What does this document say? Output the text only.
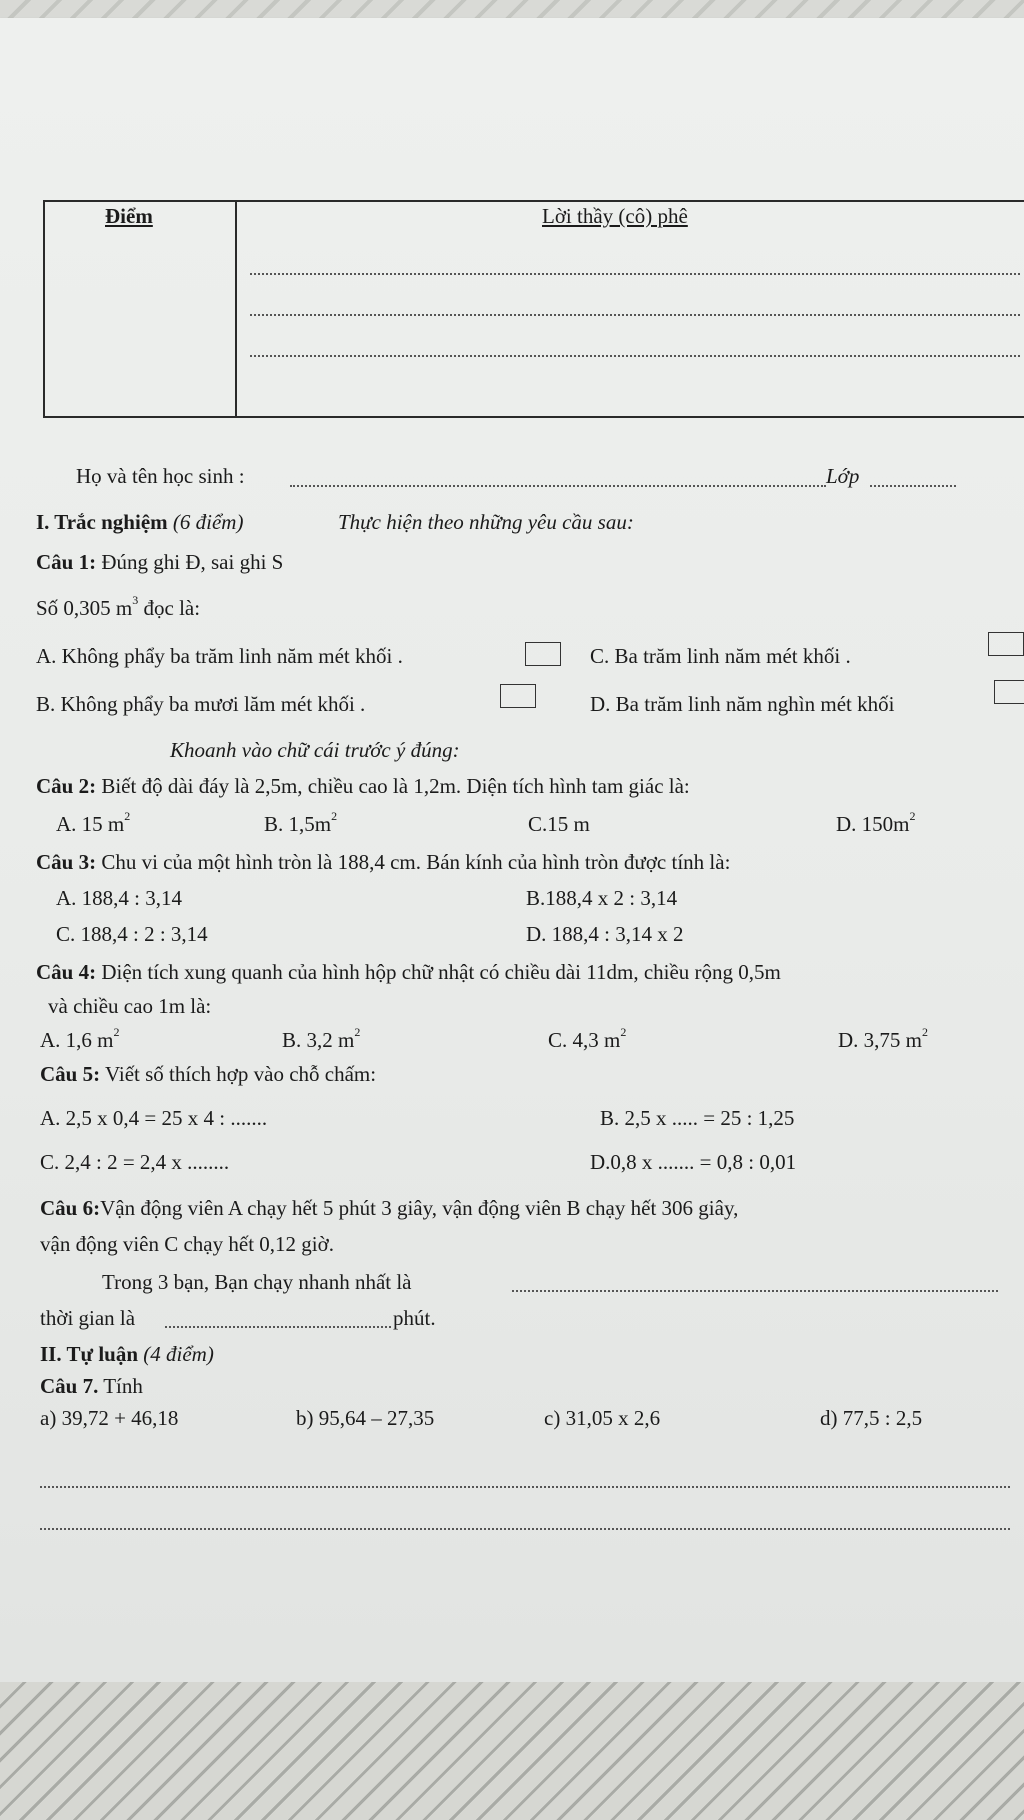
Điểm	Lời thầy (cô) phê
Họ và tên học sinh :	Lớp
I. Trắc nghiệm (6 điểm)	Thực hiện theo những yêu cầu sau:
Câu 1: Đúng ghi Đ, sai ghi S
Số 0,305 $m^3$ đọc là:
A. Không phẩy ba trăm linh năm mét khối .	C. Ba trăm linh năm mét khối .
B. Không phẩy ba mươi lăm mét khối .	D. Ba trăm linh năm nghìn mét khối
Khoanh vào chữ cái trước ý đúng:
Câu 2: Biết độ dài đáy là 2,5m, chiều cao là 1,2m. Diện tích hình tam giác là:
A. 15 $m^2$	B. $1,5m^2$	C.15 m	D. $150m^2$
Câu 3: Chu vi của một hình tròn là 188,4 cm. Bán kính của hình tròn được tính là:
A. 188,4 : 3,14	B.188,4 x 2 : 3,14
C. 188,4 : 2 : 3,14	D. 188,4 : 3,14 x 2
Câu 4: Diện tích xung quanh của hình hộp chữ nhật có chiều dài 11dm, chiều rộng 0,5m
và chiều cao 1m là:
A. 1,6 $m^2$	B. 3,2 $m^2$	C. 4,3 $m^2$	D. 3,75 $m^2$
Câu 5: Viết số thích hợp vào chỗ chấm:
A. 2,5 x 0,4 = 25 x 4 : .......	B. 2,5 x ..... = 25 : 1,25
C. 2,4 : 2 = 2,4 x ........	D.0,8 x ....... = 0,8 : 0,01
Câu 6:Vận động viên A chạy hết 5 phút 3 giây, vận động viên B chạy hết 306 giây,
vận động viên C chạy hết 0,12 giờ.
Trong 3 bạn, Bạn chạy nhanh nhất là
thời gian là	phút.
II. Tự luận (4 điểm)
Câu 7. Tính
a) 39,72 + 46,18	b) 95,64 – 27,35	c) 31,05 x 2,6	d) 77,5 : 2,5
